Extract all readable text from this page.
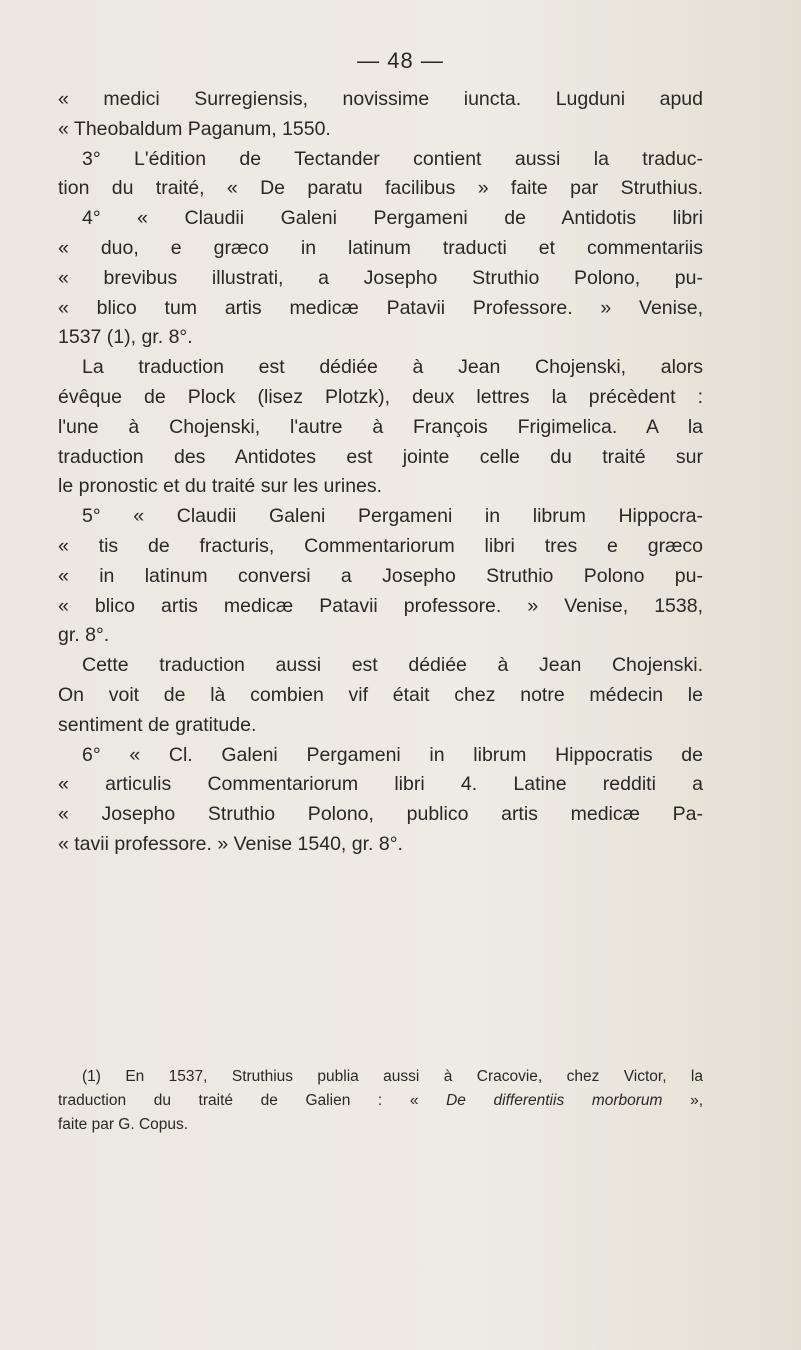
— 48 —
« medici Surregiensis, novissime iuncta. Lugduni apud
« Theobaldum Paganum, 1550.
3° L'édition de Tectander contient aussi la traduc-
tion du traité, « De paratu facilibus » faite par Struthius.
4° « Claudii Galeni Pergameni de Antidotis libri
« duo, e græco in latinum traducti et commentariis
« brevibus illustrati, a Josepho Struthio Polono, pu-
« blico tum artis medicæ Patavii Professore. » Venise,
1537 (1), gr. 8°.
La traduction est dédiée à Jean Chojenski, alors
évêque de Plock (lisez Plotzk), deux lettres la précèdent :
l'une à Chojenski, l'autre à François Frigimelica. A la
traduction des Antidotes est jointe celle du traité sur
le pronostic et du traité sur les urines.
5° « Claudii Galeni Pergameni in librum Hippocra-
« tis de fracturis, Commentariorum libri tres e græco
« in latinum conversi a Josepho Struthio Polono pu-
« blico artis medicæ Patavii professore. » Venise, 1538,
gr. 8°.
Cette traduction aussi est dédiée à Jean Chojenski.
On voit de là combien vif était chez notre médecin le
sentiment de gratitude.
6° « Cl. Galeni Pergameni in librum Hippocratis de
« articulis Commentariorum libri 4. Latine redditi a
« Josepho Struthio Polono, publico artis medicæ Pa-
« tavii professore. » Venise 1540, gr. 8°.
(1) En 1537, Struthius publia aussi à Cracovie, chez Victor, la
traduction du traité de Galien : « De differentiis morborum »,
faite par G. Copus.
